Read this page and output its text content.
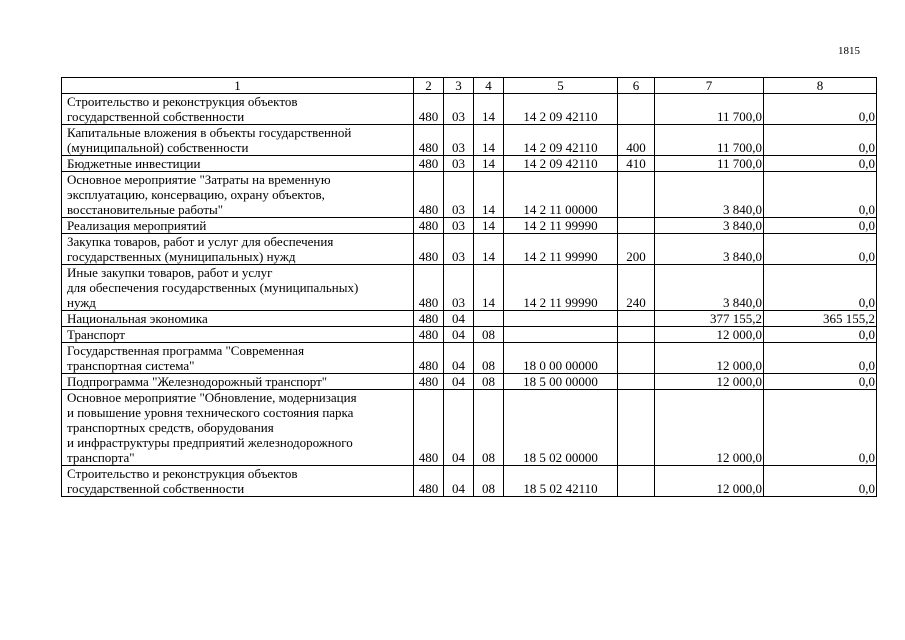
1815
1	2	3	4	5	6	7	8

Строительство и реконструкция объектов
государственной собственности	480	03	14	14 2 09 42110		11 700,0	0,0

Капитальные вложения в объекты государственной
(муниципальной) собственности	480	03	14	14 2 09 42110	400	11 700,0	0,0

Бюджетные инвестиции	480	03	14	14 2 09 42110	410	11 700,0	0,0

Основное мероприятие "Затраты на временную
эксплуатацию, консервацию, охрану объектов,
восстановительные работы"	480	03	14	14 2 11 00000		3 840,0	0,0

Реализация мероприятий	480	03	14	14 2 11 99990		3 840,0	0,0

Закупка товаров, работ и услуг для обеспечения
государственных (муниципальных) нужд	480	03	14	14 2 11 99990	200	3 840,0	0,0

Иные закупки товаров, работ и услуг
для обеспечения государственных (муниципальных)
нужд	480	03	14	14 2 11 99990	240	3 840,0	0,0

Национальная экономика	480	04				377 155,2	365 155,2

Транспорт	480	04	08			12 000,0	0,0

Государственная программа "Современная
транспортная система"	480	04	08	18 0 00 00000		12 000,0	0,0

Подпрограмма "Железнодорожный транспорт"	480	04	08	18 5 00 00000		12 000,0	0,0

Основное мероприятие "Обновление, модернизация
и повышение уровня технического состояния парка
транспортных средств, оборудования
и инфраструктуры предприятий железнодорожного
транспорта"	480	04	08	18 5 02 00000		12 000,0	0,0

Строительство и реконструкция объектов
государственной собственности	480	04	08	18 5 02 42110		12 000,0	0,0
